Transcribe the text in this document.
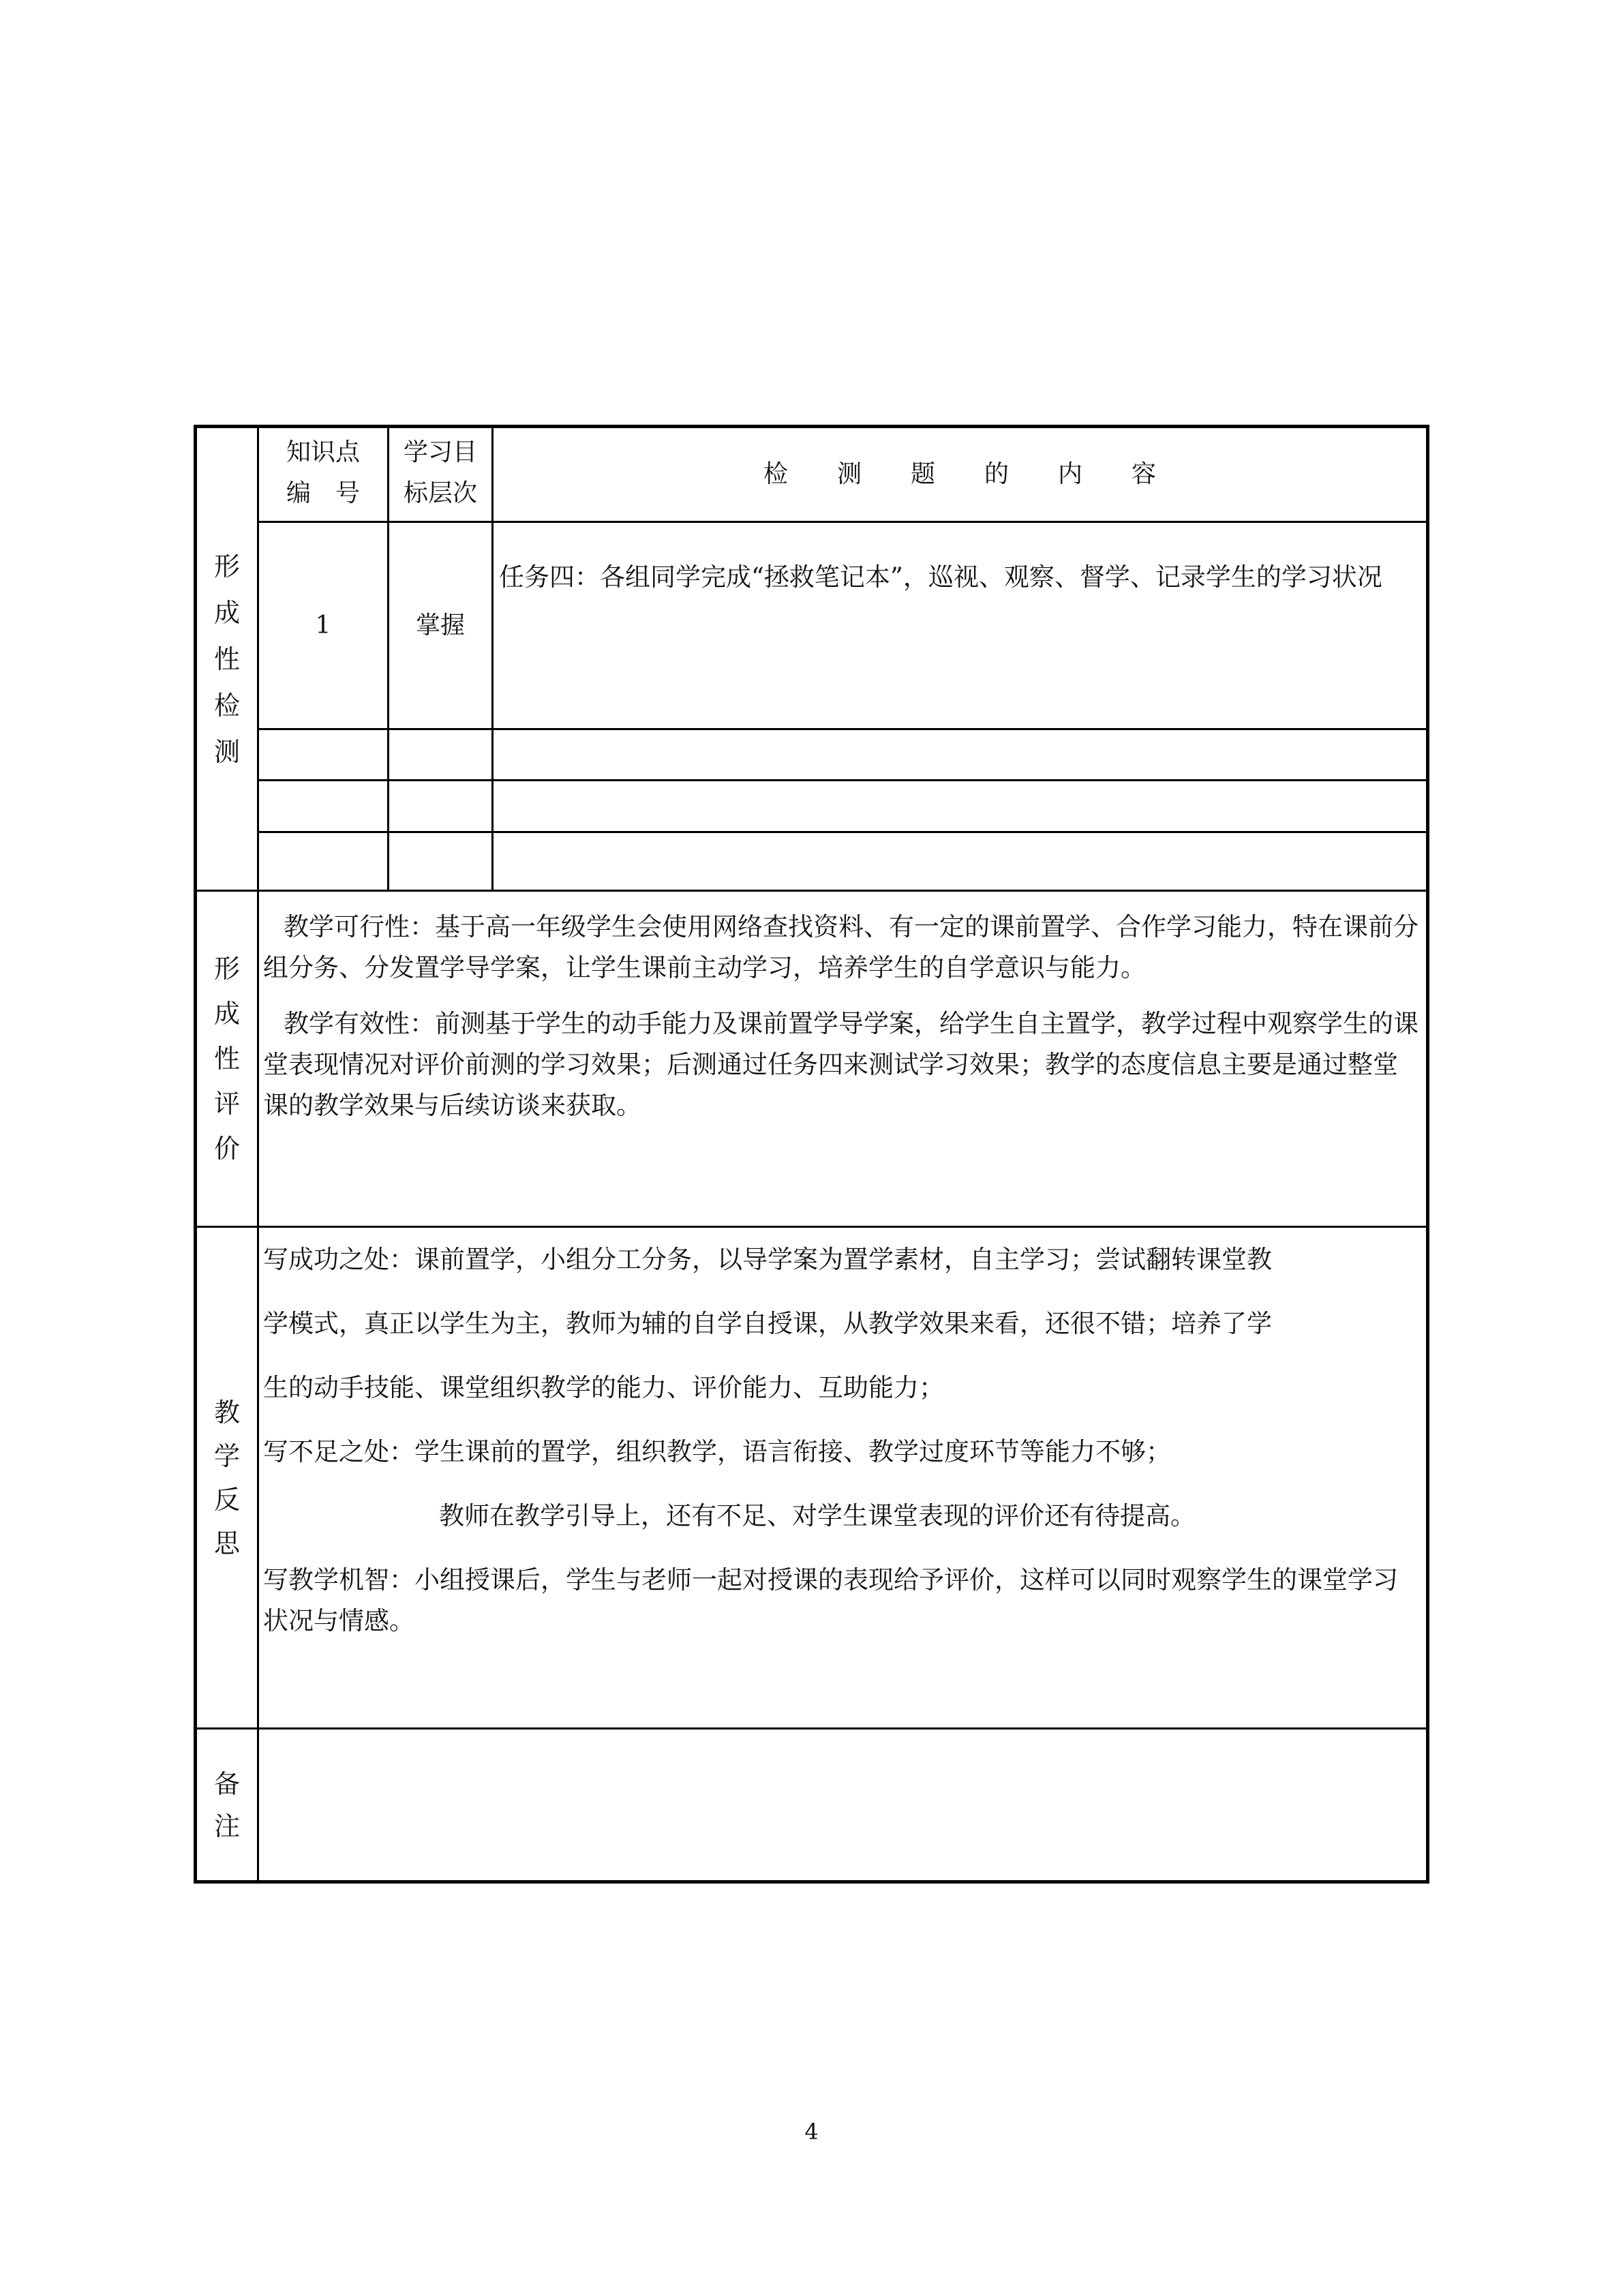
形
成
性
检
测
知识点
编　号
学习目
标层次
检　　测　　题　　的　　内　　容
1	掌握
任务四：各组同学完成“拯救笔记本”，巡视、观察、督学、记录学生的学习状况
形
成
性
评
价

教学可行性：基于高一年级学生会使用网络查找资料、有一定的课前置学、合作学习能力，特在课前分组分务、分发置学导学案，让学生课前主动学习，培养学生的自学意识与能力。

教学有效性：前测基于学生的动手能力及课前置学导学案，给学生自主置学，教学过程中观察学生的课堂表现情况对评价前测的学习效果；后测通过任务四来测试学习效果；教学的态度信息主要是通过整堂课的教学效果与后续访谈来获取。

教
学
反
思
写成功之处：课前置学，小组分工分务，以导学案为置学素材，自主学习；尝试翻转课堂教
学模式，真正以学生为主，教师为辅的自学自授课，从教学效果来看，还很不错；培养了学
生的动手技能、课堂组织教学的能力、评价能力、互助能力；
写不足之处：学生课前的置学，组织教学，语言衔接、教学过度环节等能力不够；
教师在教学引导上，还有不足、对学生课堂表现的评价还有待提高。
写教学机智：小组授课后，学生与老师一起对授课的表现给予评价，这样可以同时观察学生的课堂学习状况与情感。
备
注
4
